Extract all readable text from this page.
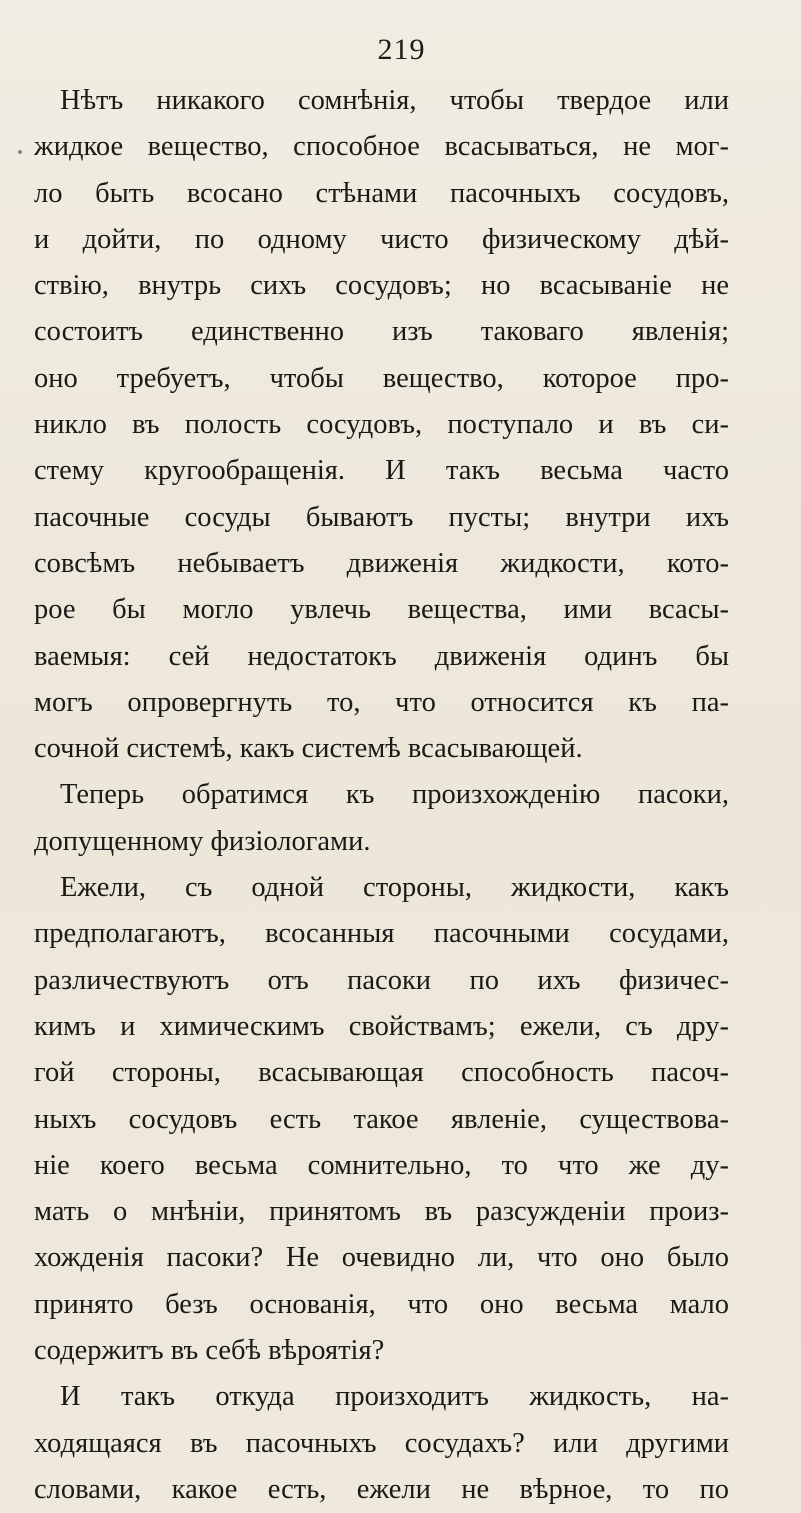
219
Нѣтъ никакого сомнѣнія, чтобы твердое или
жидкое вещество, способное всасываться, не мог-
ло быть всосано стѣнами пасочныхъ сосудовъ,
и дойти, по одному чисто физическому дѣй-
ствію, внутрь сихъ сосудовъ; но всасываніе не
состоитъ единственно изъ таковаго явленія;
оно требуетъ, чтобы вещество, которое про-
никло въ полость сосудовъ, поступало и въ си-
стему кругообращенія. И такъ весьма часто
пасочные сосуды бываютъ пусты; внутри ихъ
совсѣмъ небываетъ движенія жидкости, кото-
рое бы могло увлечь вещества, ими всасы-
ваемыя: сей недостатокъ движенія одинъ бы
могъ опровергнуть то, что относится къ па-
сочной системѣ, какъ системѣ всасывающей.
Теперь обратимся къ произхожденію пасоки,
допущенному физіологами.
Ежели, съ одной стороны, жидкости, какъ
предполагаютъ, всосанныя пасочными сосудами,
различествуютъ отъ пасоки по ихъ физичес-
кимъ и химическимъ свойствамъ; ежели, съ дру-
гой стороны, всасывающая способность пасоч-
ныхъ сосудовъ есть такое явленіе, существова-
ніе коего весьма сомнительно, то что же ду-
мать о мнѣніи, принятомъ въ разсужденіи произ-
хожденія пасоки? Не очевидно ли, что оно было
принято безъ основанія, что оно весьма мало
содержитъ въ себѣ вѣроятія?
И такъ откуда произходитъ жидкость, на-
ходящаяся въ пасочныхъ сосудахъ? или другими
словами, какое есть, ежели не вѣрное, то по
